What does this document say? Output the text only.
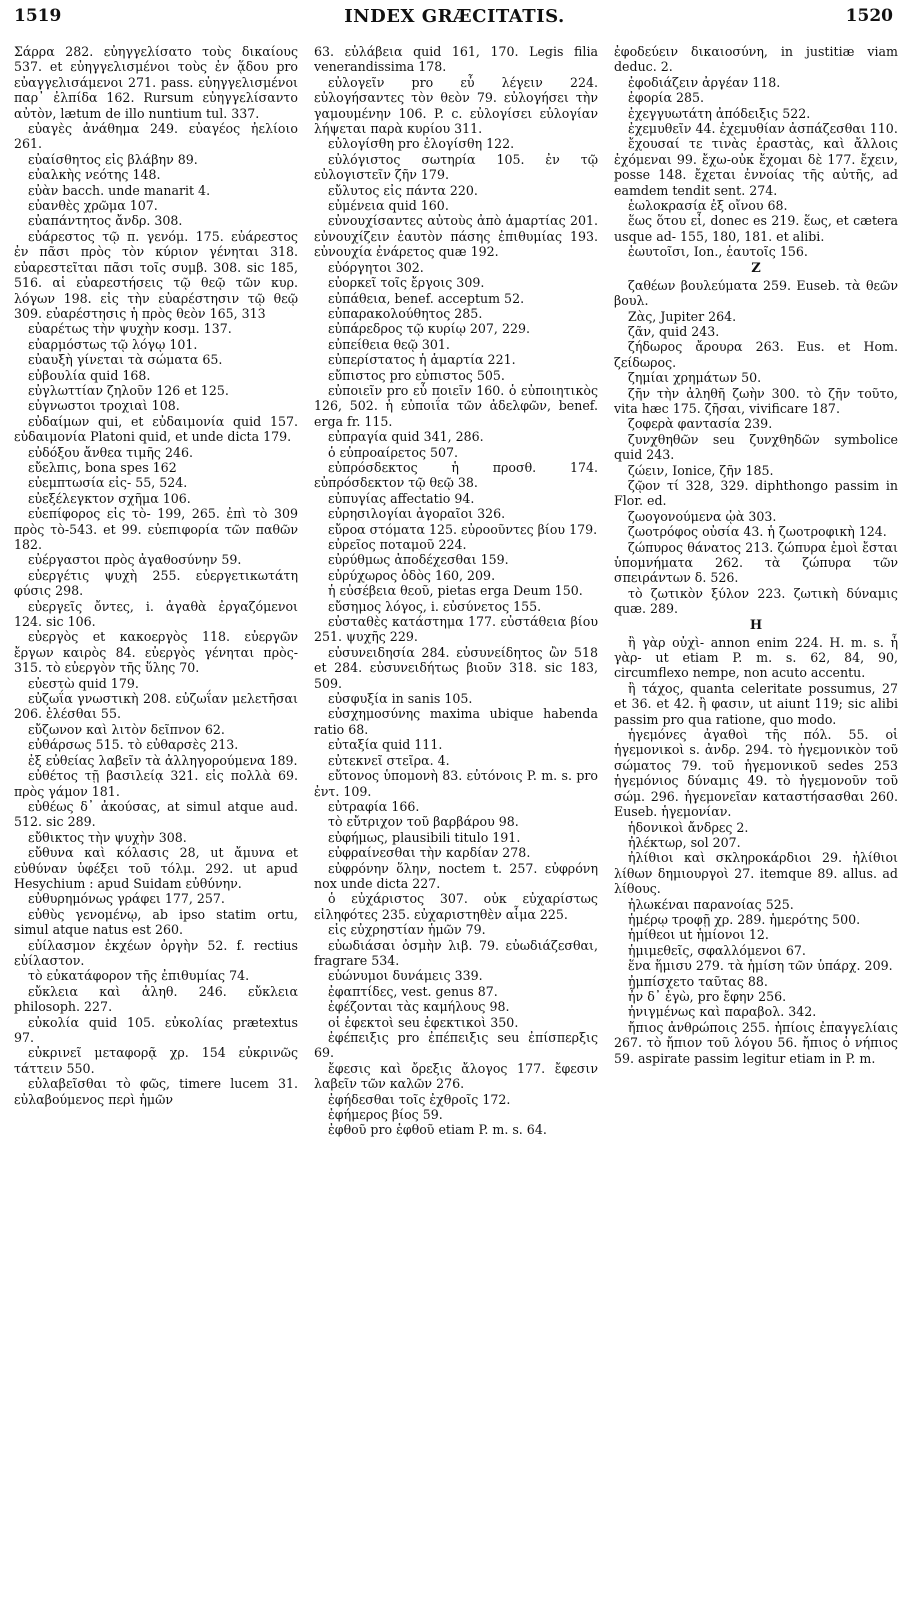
1519	INDEX GRÆCITATIS.	1520

Σάρρα 282. εὐηγγελίσατο τοὺς δικαίους 537. et εὐηγγελισμένοι τοὺς ἐν ᾅδου pro εὐαγγελισάμενοι 271. pass. εὐηγγελισμένοι παρ᾽ ἐλπίδα 162. Rursum εὐηγγελίσαντο αὐτὸν, lætum de illo nuntium tul. 337.

εὐαγὲς ἀνάθημα 249. εὐαγέος ἠελίοιο 261.

εὐαίσθητος εἰς βλάβην 89.

εὐαλκὴς νεότης 148.

εὐὰν bacch. unde manarit 4.

εὐανθὲς χρῶμα 107.

εὐαπάντητος ἄνδρ. 308.

εὐάρεστος τῷ π. γενόμ. 175. εὐάρεστος ἐν πᾶσι πρὸς τὸν κύριον γένηται 318. εὐαρεστεῖται πᾶσι τοῖς συμβ. 308. sic 185, 516. αἱ εὐαρεστήσεις τῷ θεῷ τῶν κυρ. λόγων 198. εἰς τὴν εὐαρέστησιν τῷ θεῷ 309. εὐαρέστησις ἡ πρὸς θεὸν 165, 313

εὐαρέτως τὴν ψυχὴν κοσμ. 137.

εὐαρμόστως τῷ λόγῳ 101.

εὐαυξὴ γίνεται τὰ σώματα 65.

εὐβουλία quid 168.

εὐγλωττίαν ζηλοῦν 126 et 125.

εὐγνωστοι τροχιαὶ 108.

εὐδαίμων qui, et εὐδαιμονία quid 157. εὐδαιμονία Platoni quid, et unde dicta 179.

εὐδόξου ἄνθεα τιμῆς 246.

εὔελπις, bona spes 162

εὐεμπτωσία εἰς- 55, 524.

εὐεξέλεγκτον σχῆμα 106.

εὐεπίφορος εἰς τὸ- 199, 265. ἐπὶ τὸ 309 πρὸς τὸ-543. et 99. εὐεπιφορία τῶν παθῶν 182.

εὐέργαστοι πρὸς ἀγαθοσύνην 59.

εὐεργέτις ψυχὴ 255. εὐεργετικωτάτη φύσις 298.

εὐεργεῖς ὄντες, i. ἀγαθὰ ἐργαζόμενοι 124. sic 106.

εὐεργὸς et κακοεργὸς 118. εὐεργῶν ἔργων καιρὸς 84. εὐεργὸς γένηται πρὸς- 315. τὸ εὐεργὸν τῆς ὕλης 70.

εὐεστὼ quid 179.

εὐζωΐα γνωστικὴ 208. εὐζωΐαν μελετῆσαι 206. ἐλέσθαι 55.

εὔζωνον καὶ λιτὸν δεῖπνον 62.

εὐθάρσως 515. τὸ εὐθαρσὲς 213.

ἐξ εὐθείας λαβεῖν τὰ ἀλληγορούμενα 189.

εὐθέτος τῇ βασιλείᾳ 321. εἰς πολλὰ 69. πρὸς γάμον 181.

εὐθέως δ᾽ ἀκούσας, at simul atque aud. 512. sic 289.

εὔθικτος τὴν ψυχὴν 308.

εὔθυνα καὶ κόλασις 28, ut ἄμυνα et εὐθύναν ὑφέξει τοῦ τόλμ. 292. ut apud Hesychium : apud Suidam εὐθύνην.

εὐθυρημόνως γράφει 177, 257.

εὐθὺς γενομένῳ, ab ipso statim ortu, simul atque natus est 260.

εὐίλασμον ἐκχέων ὀργὴν 52. f. rectius εὐίλαστον.

τὸ εὐκατάφορον τῆς ἐπιθυμίας 74.

εὔκλεια καὶ ἀληθ. 246. εὔκλεια philosoph. 227.

εὐκολία quid 105. εὐκολίας prætextus 97.

εὐκρινεῖ μεταφορᾷ χρ. 154 εὐκρινῶς τάττειν 550.

εὐλαβεῖσθαι τὸ φῶς, timere lucem 31. εὐλαβούμενος περὶ ἡμῶν

63. εὐλάβεια quid 161, 170. Legis filia venerandissima 178.

εὐλογεῖν pro εὖ λέγειν 224. εὐλογήσαντες τὸν θεὸν 79. εὐλογήσει τὴν γαμουμένην 106. P. c. εὐλογίσει εὐλογίαν λήψεται παρὰ κυρίου 311.

εὐλογίσθη pro ἐλογίσθη 122.

εὐλόγιστος σωτηρία 105. ἐν τῷ εὐλογιστεῖν ζῆν 179.

εὔλυτος εἰς πάντα 220.

εὐμένεια quid 160.

εὐνουχίσαντες αὐτοὺς ἀπὸ ἁμαρτίας 201. εὐνουχίζειν ἑαυτὸν πάσης ἐπιθυμίας 193. εὐνουχία ἐνάρετος quæ 192.

εὐόργητοι 302.

εὐορκεῖ τοῖς ἔργοις 309.

εὐπάθεια, benef. acceptum 52.

εὐπαρακολούθητος 285.

εὐπάρεδρος τῷ κυρίῳ 207, 229.

εὐπείθεια θεῷ 301.

εὐπερίστατος ἡ ἁμαρτία 221.

εὔπιστος pro εὐπιστος 505.

εὐποιεῖν pro εὖ ποιεῖν 160. ὁ εὐποιητικὸς 126, 502. ἡ εὐποιΐα τῶν ἀδελφῶν, benef. erga fr. 115.

εὐπραγία quid 341, 286.

ὁ εὐπροαίρετος 507.

εὐπρόσδεκτος ἡ προσθ. 174. εὐπρόσδεκτον τῷ θεῷ 38.

εὐπυγίας affectatio 94.

εὐρησιλογίαι ἀγοραῖοι 326.

εὔροα στόματα 125. εὐροοῦντες βίου 179.

εὐρεῖος ποταμοῦ 224.

εὐρύθμως ἀποδέχεσθαι 159.

εὐρύχωρος ὁδὸς 160, 209.

ἡ εὐσέβεια θεοῦ, pietas erga Deum 150.

εὔσημος λόγος, i. εὐσύνετος 155.

εὐσταθὲς κατάστημα 177. εὐστάθεια βίου 251. ψυχῆς 229.

εὐσυνειδησία 284. εὐσυνείδητος ὢν 518 et 284. εὐσυνειδήτως βιοῦν 318. sic 183, 509.

εὐσφυξία in sanis 105.

εὐσχημοσύνης maxima ubique habenda ratio 68.

εὐταξία quid 111.

εὐτεκνεῖ στεῖρα. 4.

εὔτονος ὑπομονὴ 83. εὐτόνοις P. m. s. pro ἐντ. 109.

εὐτραφία 166.

τὸ εὔτριχον τοῦ βαρβάρου 98.

εὐφήμως, plausibili titulo 191.

εὐφραίνεσθαι τὴν καρδίαν 278.

εὐφρόνην ὅλην, noctem t. 257. εὐφρόνη nox unde dicta 227.

ὁ εὐχάριστος 307. οὐκ εὐχαρίστως εἰληφότες 235. εὐχαριστηθὲν αἷμα 225.

εἰς εὐχρηστίαν ἡμῶν 79.

εὐωδιάσαι ὀσμὴν λιβ. 79. εὐωδιάζεσθαι, fragrare 534.

εὐώνυμοι δυνάμεις 339.

ἐφαπτίδες, vest. genus 87.

ἐφέζονται τὰς καμήλους 98.

οἱ ἐφεκτοὶ seu ἐφεκτικοὶ 350.

ἐφέπειξις pro ἐπέπειξις seu ἐπίσπερξις 69.

ἔφεσις καὶ ὄρεξις ἄλογος 177. ἔφεσιν λαβεῖν τῶν καλῶν 276.

ἐφήδεσθαι τοῖς ἐχθροῖς 172.

ἐφήμερος βίος 59.

ἐφθοῦ pro ἑφθοῦ etiam P. m. s. 64.

ἐφοδεύειν δικαιοσύνη, in justitiæ viam deduc. 2.

ἐφοδιάζειν ἀργέαν 118.

ἐφορία 285.

ἐχεγγυωτάτη ἀπόδειξις 522.

ἐχεμυθεῖν 44. ἐχεμυθίαν ἀσπάζεσθαι 110.

ἔχουσαί τε τινὰς ἐραστὰς, καὶ ἄλλοις ἐχόμεναι 99. ἔχω-οὐκ ἔχομαι δὲ 177. ἔχειν, posse 148. ἔχεται ἐννοίας τῆς αὐτῆς, ad eamdem tendit sent. 274.

ἑωλοκρασία ἐξ οἴνου 68.

ἕως ὅτου εἶ, donec es 219. ἕως, et cætera usque ad- 155, 180, 181. et alibi.

ἑωυτοῖσι, Ion., ἑαυτοῖς 156.

Z

ζαθέων βουλεύματα 259. Euseb. τὰ θεῶν βουλ.

Ζὰς, Jupiter 264.

ζᾶν, quid 243.

ζήδωρος ἄρουρα 263. Eus. et Hom. ζείδωρος.

ζημίαι χρημάτων 50.

ζῆν τὴν ἀληθῆ ζωὴν 300. τὸ ζῆν τοῦτο, vita hæc 175. ζῆσαι, vivificare 187.

ζοφερὰ φαντασία 239.

ζυνχθηθῶν seu ζυνχθηδῶν symbolice quid 243.

ζώειν, Ionice, ζῆν 185.

ζῷον τί 328, 329. diphthongo passim in Flor. ed.

ζωογονούμενα ᾠὰ 303.

ζωοτρόφος οὐσία 43. ἡ ζωοτροφικὴ 124.

ζώπυρος θάνατος 213. ζώπυρα ἐμοὶ ἔσται ὑπομνήματα 262. τὰ ζώπυρα τῶν σπειράντων δ. 526.

τὸ ζωτικὸν ξύλον 223. ζωτικὴ δύναμις quæ. 289.

H

ἢ γὰρ οὐχὶ- annon enim 224. H. m. s. ἦ γὰρ- ut etiam P. m. s. 62, 84, 90, circumflexo nempe, non acuto accentu.

ἢ τάχος, quanta celeritate possumus, 27 et 36. et 42. ἢ φασιν, ut aiunt 119; sic alibi passim pro qua ratione, quo modo.

ἡγεμόνες ἀγαθοὶ τῆς πόλ. 55. οἱ ἡγεμονικοὶ s. ἀνδρ. 294. τὸ ἡγεμονικὸν τοῦ σώματος 79. τοῦ ἡγεμονικοῦ sedes 253 ἡγεμόνιος δύναμις 49. τὸ ἡγεμονοῦν τοῦ σώμ. 296. ἡγεμονεῖαν καταστήσασθαι 260. Euseb. ἡγεμονίαν.

ἡδονικοὶ ἄνδρες 2.

ἠλέκτωρ, sol 207.

ἠλίθιοι καὶ σκληροκάρδιοι 29. ἠλίθιοι λίθων δημιουργοὶ 27. itemque 89. allus. ad λίθους.

ἠλωκέναι παρανοίας 525.

ἡμέρῳ τροφῇ χρ. 289. ἡμερότης 500.

ἡμίθεοι ut ἡμίονοι 12.

ἡμιμεθεῖς, σφαλλόμενοι 67.

ἕνα ἥμισυ 279. τὰ ἡμίση τῶν ὑπάρχ. 209.

ἠμπίσχετο ταῦτας 88.

ἦν δ᾽ ἐγὼ, pro ἔφην 256.

ἠνιγμένως καὶ παραβολ. 342.

ἤπιος ἀνθρώποις 255. ἠπίοις ἐπαγγελίαις 267. τὸ ἤπιον τοῦ λόγου 56. ἤπιος ὁ νήπιος 59. aspirate passim legitur etiam in P. m.
